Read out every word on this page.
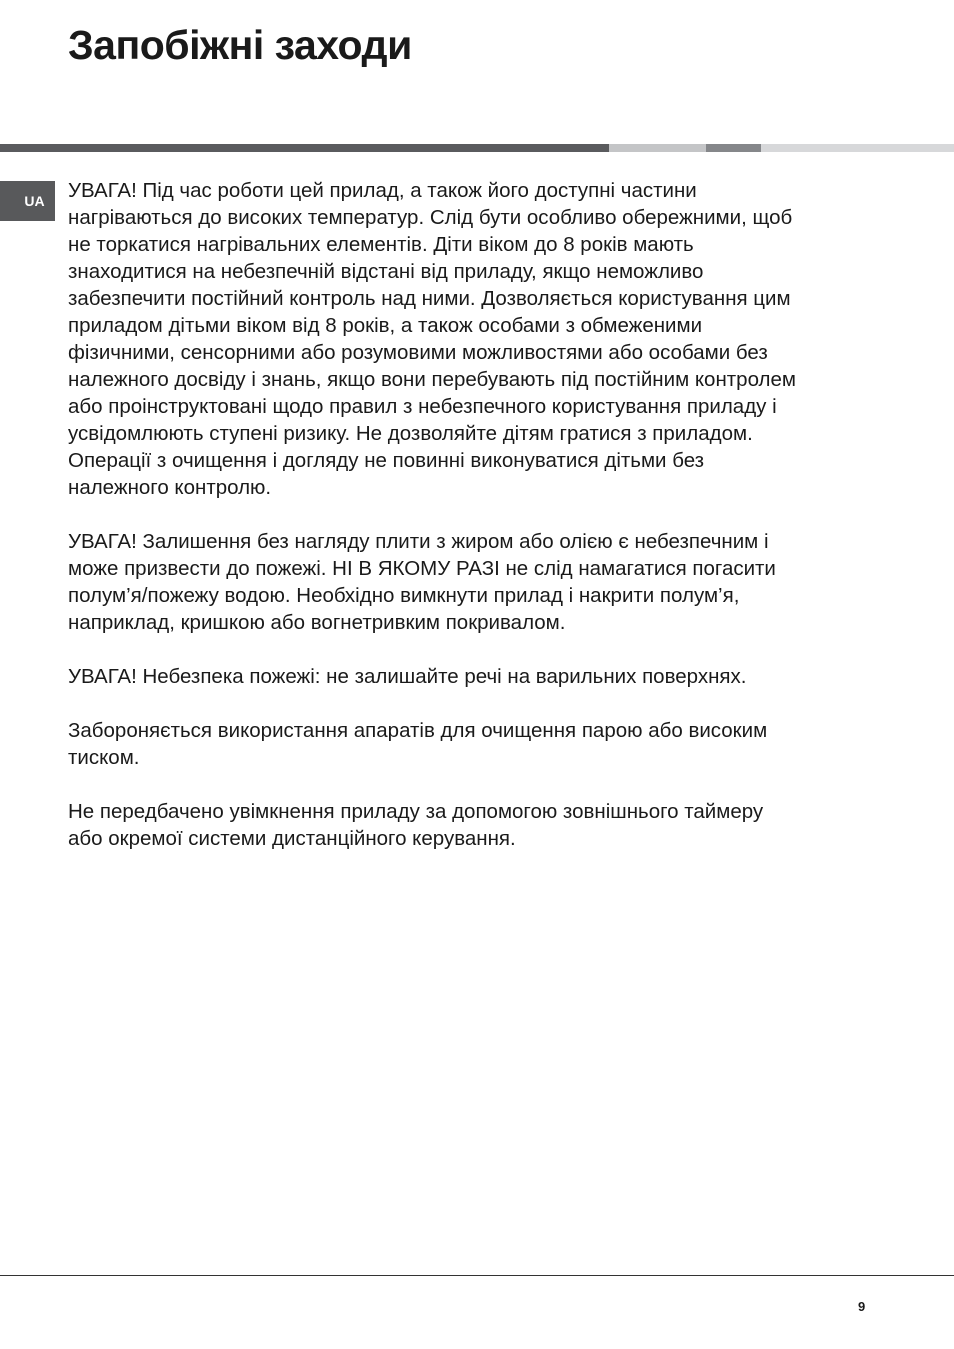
Запобіжні заходи
UA	УВАГА! Під час роботи цей прилад, а також його доступні частини
нагріваються до високих температур. Слід бути особливо обережними, щоб
не торкатися нагрівальних елементів. Діти віком до 8 років мають
знаходитися на небезпечній відстані від приладу, якщо неможливо
забезпечити постійний контроль над ними. Дозволяється користування цим
приладом дітьми віком від 8 років, а також особами з обмеженими
фізичними, сенсорними або розумовими можливостями або особами без
належного досвіду і знань, якщо вони перебувають під постійним контролем
або проінструктовані щодо правил з небезпечного користування приладу і
усвідомлюють ступені ризику. Не дозволяйте дітям гратися з приладом.
Операції з очищення і догляду не повинні виконуватися дітьми без
належного контролю.

УВАГА! Залишення без нагляду плити з жиром або олією є небезпечним і
може призвести до пожежі. НІ В ЯКОМУ РАЗІ не слід намагатися погасити
полум’я/пожежу водою. Необхідно вимкнути прилад і накрити полум’я,
наприклад, кришкою або вогнетривким покривалом.

УВАГА! Небезпека пожежі: не залишайте речі на варильних поверхнях.

Забороняється використання апаратів для очищення парою або високим
тиском.

Не передбачено увімкнення приладу за допомогою зовнішнього таймеру
або окремої системи дистанційного керування.

9
